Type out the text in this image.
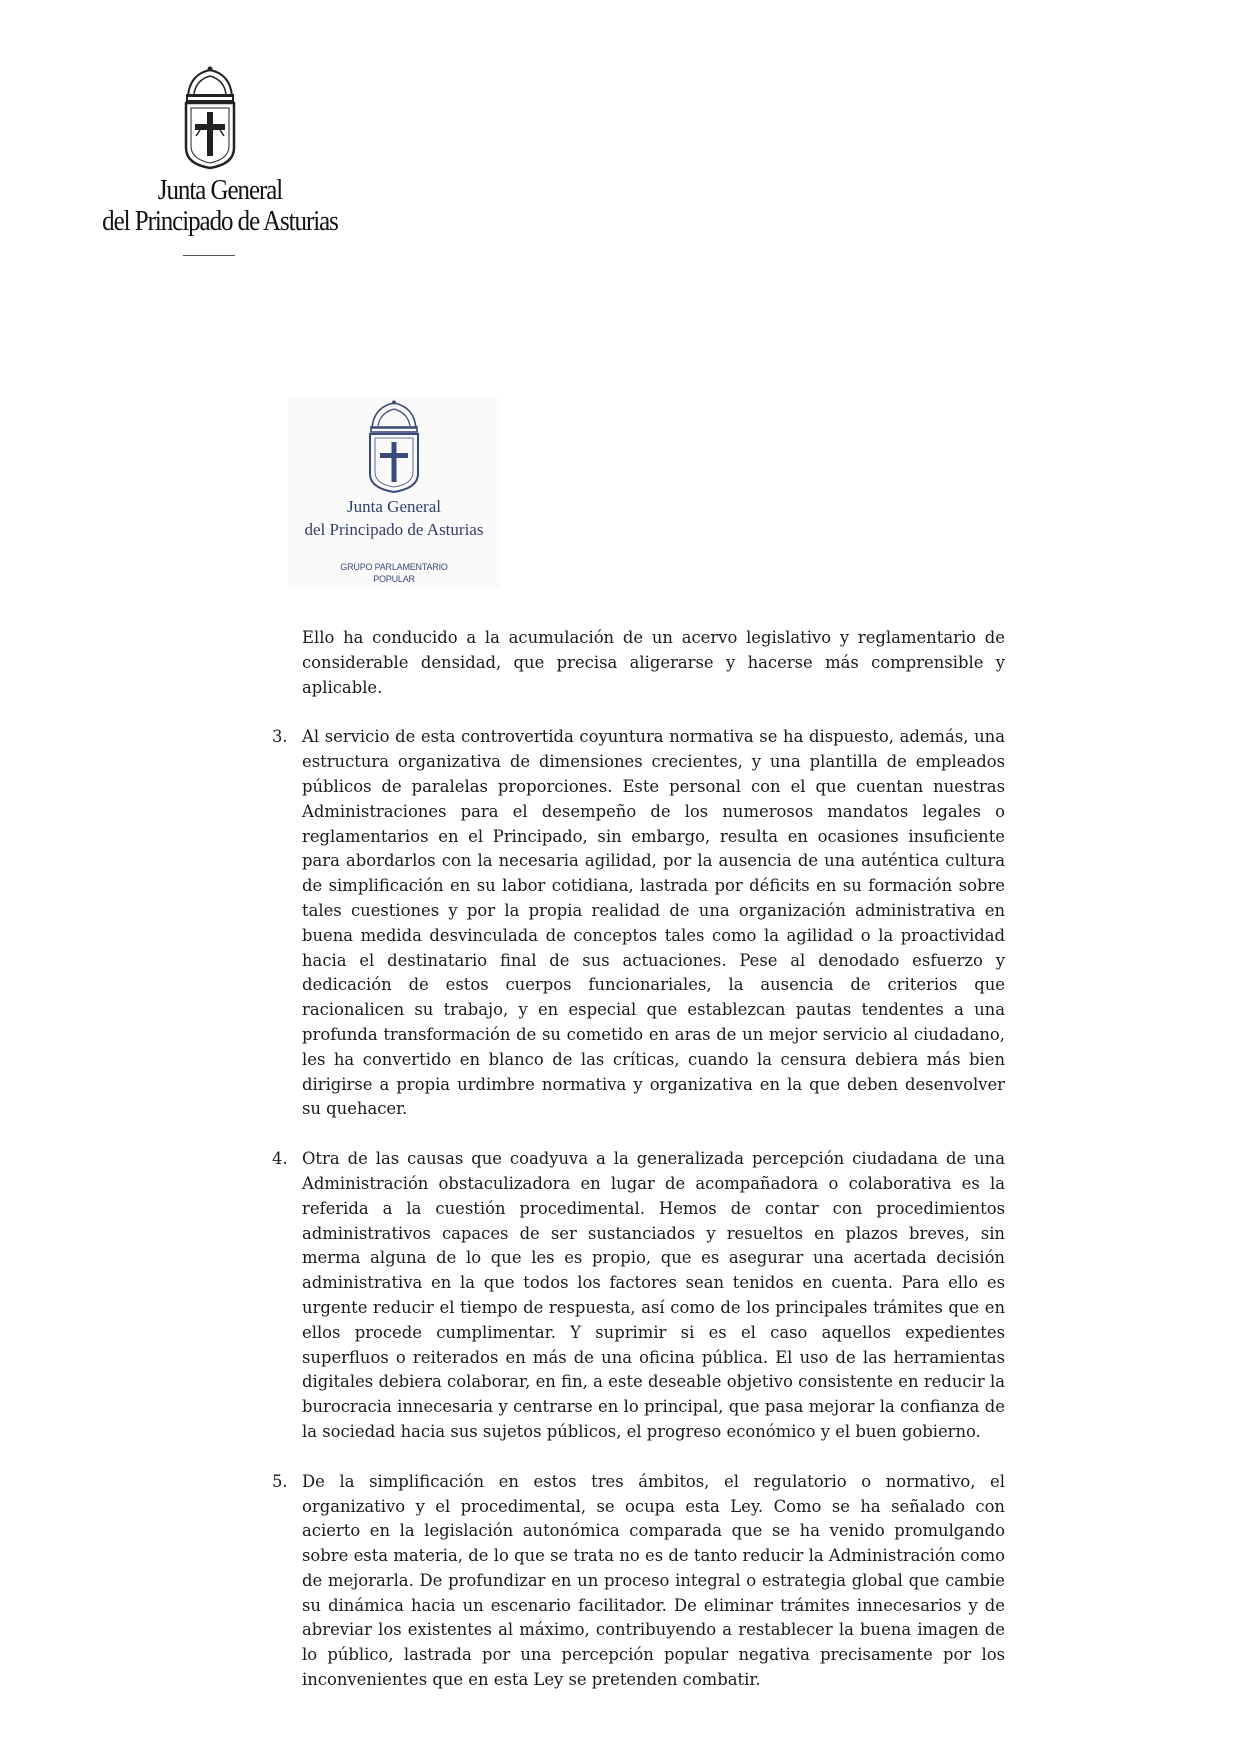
Junta General
del Principado de Asturias
Junta General
del Principado de Asturias
GRUPO PARLAMENTARIO
POPULAR

Ello ha conducido a la acumulación de un acervo legislativo y reglamentario de considerable densidad, que precisa aligerarse y hacerse más comprensible y aplicable.

3. Al servicio de esta controvertida coyuntura normativa se ha dispuesto, además, una estructura organizativa de dimensiones crecientes, y una plantilla de empleados públicos de paralelas proporciones. Este personal con el que cuentan nuestras Administraciones para el desempeño de los numerosos mandatos legales o reglamentarios en el Principado, sin embargo, resulta en ocasiones insuficiente para abordarlos con la necesaria agilidad, por la ausencia de una auténtica cultura de simplificación en su labor cotidiana, lastrada por déficits en su formación sobre tales cuestiones y por la propia realidad de una organización administrativa en buena medida desvinculada de conceptos tales como la agilidad o la proactividad hacia el destinatario final de sus actuaciones. Pese al denodado esfuerzo y dedicación de estos cuerpos funcionariales, la ausencia de criterios que racionalicen su trabajo, y en especial que establezcan pautas tendentes a una profunda transformación de su cometido en aras de un mejor servicio al ciudadano, les ha convertido en blanco de las críticas, cuando la censura debiera más bien dirigirse a propia urdimbre normativa y organizativa en la que deben desenvolver su quehacer.
4. Otra de las causas que coadyuva a la generalizada percepción ciudadana de una Administración obstaculizadora en lugar de acompañadora o colaborativa es la referida a la cuestión procedimental. Hemos de contar con procedimientos administrativos capaces de ser sustanciados y resueltos en plazos breves, sin merma alguna de lo que les es propio, que es asegurar una acertada decisión administrativa en la que todos los factores sean tenidos en cuenta. Para ello es urgente reducir el tiempo de respuesta, así como de los principales trámites que en ellos procede cumplimentar. Y suprimir si es el caso aquellos expedientes superfluos o reiterados en más de una oficina pública. El uso de las herramientas digitales debiera colaborar, en fin, a este deseable objetivo consistente en reducir la burocracia innecesaria y centrarse en lo principal, que pasa mejorar la confianza de la sociedad hacia sus sujetos públicos, el progreso económico y el buen gobierno.
5. De la simplificación en estos tres ámbitos, el regulatorio o normativo, el organizativo y el procedimental, se ocupa esta Ley. Como se ha señalado con acierto en la legislación autonómica comparada que se ha venido promulgando sobre esta materia, de lo que se trata no es de tanto reducir la Administración como de mejorarla. De profundizar en un proceso integral o estrategia global que cambie su dinámica hacia un escenario facilitador. De eliminar trámites innecesarios y de abreviar los existentes al máximo, contribuyendo a restablecer la buena imagen de lo público, lastrada por una percepción popular negativa precisamente por los inconvenientes que en esta Ley se pretenden combatir.
